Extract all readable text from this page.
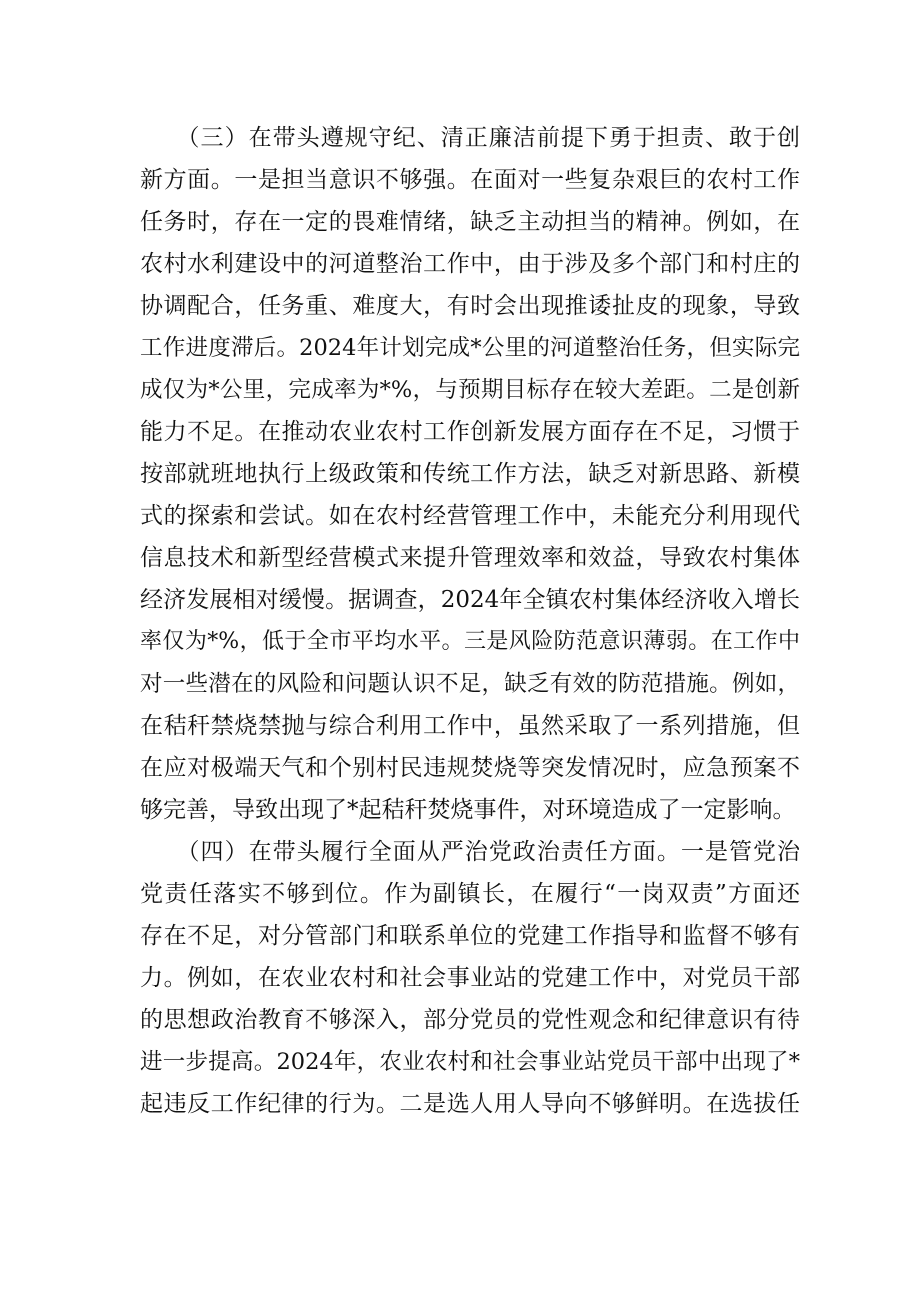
　　（三）在带头遵规守纪、清正廉洁前提下勇于担责、敢于创
新方面。一是担当意识不够强。在面对一些复杂艰巨的农村工作
任务时，存在一定的畏难情绪，缺乏主动担当的精神。例如，在
农村水利建设中的河道整治工作中，由于涉及多个部门和村庄的
协调配合，任务重、难度大，有时会出现推诿扯皮的现象，导致
工作进度滞后。2024年计划完成*公里的河道整治任务，但实际完
成仅为*公里，完成率为*%，与预期目标存在较大差距。二是创新
能力不足。在推动农业农村工作创新发展方面存在不足，习惯于
按部就班地执行上级政策和传统工作方法，缺乏对新思路、新模
式的探索和尝试。如在农村经营管理工作中，未能充分利用现代
信息技术和新型经营模式来提升管理效率和效益，导致农村集体
经济发展相对缓慢。据调查，2024年全镇农村集体经济收入增长
率仅为*%，低于全市平均水平。三是风险防范意识薄弱。在工作中
对一些潜在的风险和问题认识不足，缺乏有效的防范措施。例如，
在秸秆禁烧禁抛与综合利用工作中，虽然采取了一系列措施，但
在应对极端天气和个别村民违规焚烧等突发情况时，应急预案不
够完善，导致出现了*起秸秆焚烧事件，对环境造成了一定影响。
　　（四）在带头履行全面从严治党政治责任方面。一是管党治
党责任落实不够到位。作为副镇长，在履行“一岗双责”方面还
存在不足，对分管部门和联系单位的党建工作指导和监督不够有
力。例如，在农业农村和社会事业站的党建工作中，对党员干部
的思想政治教育不够深入，部分党员的党性观念和纪律意识有待
进一步提高。2024年，农业农村和社会事业站党员干部中出现了*
起违反工作纪律的行为。二是选人用人导向不够鲜明。在选拔任
